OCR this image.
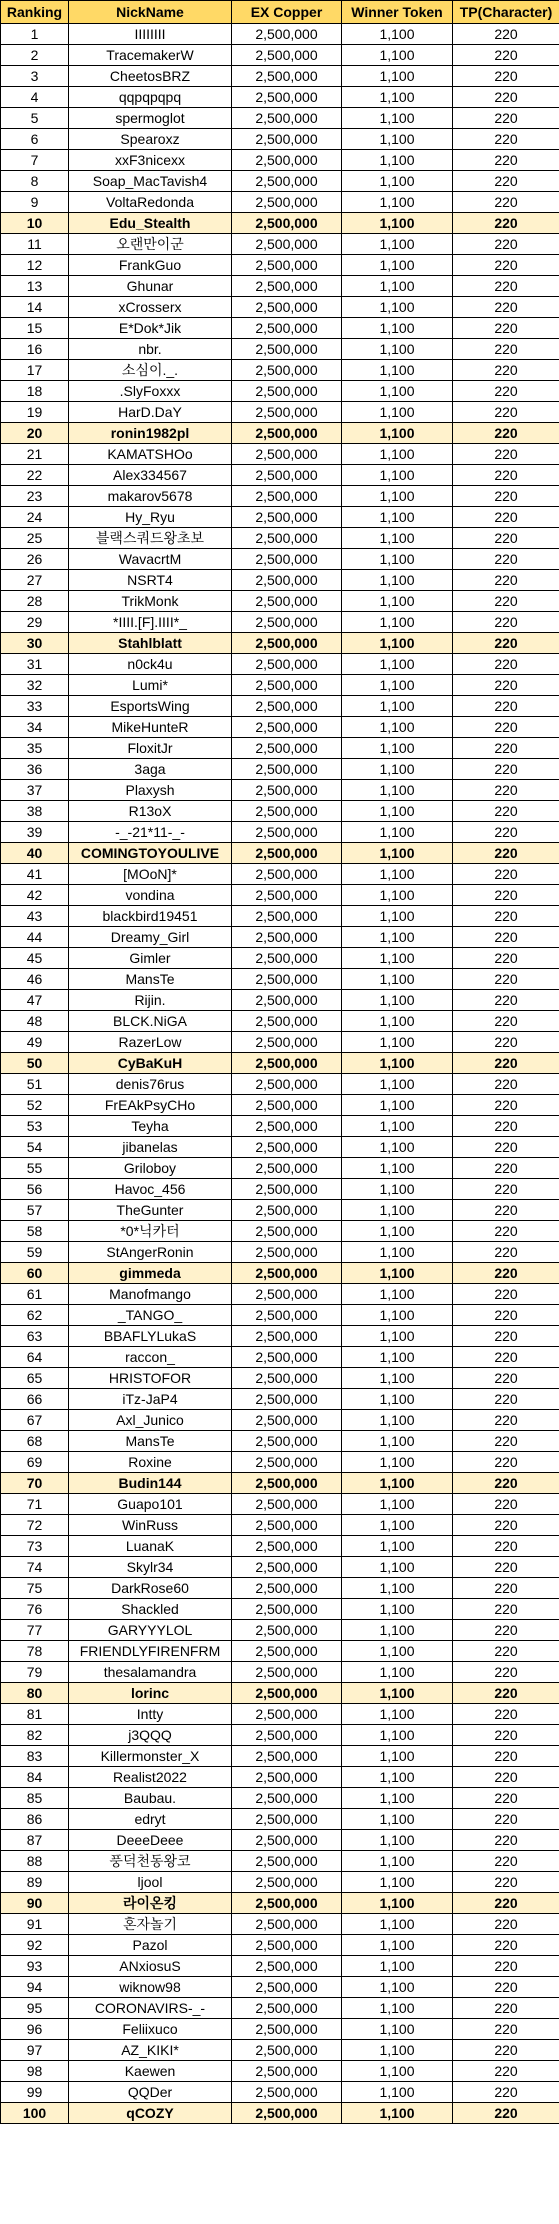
Ranking	NickName	EX Copper	Winner Token	TP(Character)
1	IIIIIIII	2,500,000	1,100	220
2	TracemakerW	2,500,000	1,100	220
3	CheetosBRZ	2,500,000	1,100	220
4	qqpqpqpq	2,500,000	1,100	220
5	spermoglot	2,500,000	1,100	220
6	Spearoxz	2,500,000	1,100	220
7	xxF3nicexx	2,500,000	1,100	220
8	Soap_MacTavish4	2,500,000	1,100	220
9	VoltaRedonda	2,500,000	1,100	220
10	Edu_Stealth	2,500,000	1,100	220
11	오랜만이군	2,500,000	1,100	220
12	FrankGuo	2,500,000	1,100	220
13	Ghunar	2,500,000	1,100	220
14	xCrosserx	2,500,000	1,100	220
15	E*Dok*Jik	2,500,000	1,100	220
16	nbr.	2,500,000	1,100	220
17	소심이._.	2,500,000	1,100	220
18	.SlyFoxxx	2,500,000	1,100	220
19	HarD.DaY	2,500,000	1,100	220
20	ronin1982pl	2,500,000	1,100	220
21	KAMATSHOo	2,500,000	1,100	220
22	Alex334567	2,500,000	1,100	220
23	makarov5678	2,500,000	1,100	220
24	Hy_Ryu	2,500,000	1,100	220
25	블랙스쿼드왕초보	2,500,000	1,100	220
26	WavacrtM	2,500,000	1,100	220
27	NSRT4	2,500,000	1,100	220
28	TrikMonk	2,500,000	1,100	220
29	*IIII.[F].IIII*_	2,500,000	1,100	220
30	Stahlblatt	2,500,000	1,100	220
31	n0ck4u	2,500,000	1,100	220
32	Lumi*	2,500,000	1,100	220
33	EsportsWing	2,500,000	1,100	220
34	MikeHunteR	2,500,000	1,100	220
35	FloxitJr	2,500,000	1,100	220
36	3aga	2,500,000	1,100	220
37	Plaxysh	2,500,000	1,100	220
38	R13oX	2,500,000	1,100	220
39	-_-21*11-_-	2,500,000	1,100	220
40	COMINGTOYOULIVE	2,500,000	1,100	220
41	[MOoN]*	2,500,000	1,100	220
42	vondina	2,500,000	1,100	220
43	blackbird19451	2,500,000	1,100	220
44	Dreamy_Girl	2,500,000	1,100	220
45	Gimler	2,500,000	1,100	220
46	MansTe	2,500,000	1,100	220
47	Rijin.	2,500,000	1,100	220
48	BLCK.NiGA	2,500,000	1,100	220
49	RazerLow	2,500,000	1,100	220
50	CyBaKuH	2,500,000	1,100	220
51	denis76rus	2,500,000	1,100	220
52	FrEAkPsyCHo	2,500,000	1,100	220
53	Teyha	2,500,000	1,100	220
54	jibanelas	2,500,000	1,100	220
55	Griloboy	2,500,000	1,100	220
56	Havoc_456	2,500,000	1,100	220
57	TheGunter	2,500,000	1,100	220
58	*0*닉카터	2,500,000	1,100	220
59	StAngerRonin	2,500,000	1,100	220
60	gimmeda	2,500,000	1,100	220
61	Manofmango	2,500,000	1,100	220
62	_TANGO_	2,500,000	1,100	220
63	BBAFLYLukaS	2,500,000	1,100	220
64	raccon_	2,500,000	1,100	220
65	HRISTOFOR	2,500,000	1,100	220
66	iTz-JaP4	2,500,000	1,100	220
67	Axl_Junico	2,500,000	1,100	220
68	MansTe	2,500,000	1,100	220
69	Roxine	2,500,000	1,100	220
70	Budin144	2,500,000	1,100	220
71	Guapo101	2,500,000	1,100	220
72	WinRuss	2,500,000	1,100	220
73	LuanaK	2,500,000	1,100	220
74	Skylr34	2,500,000	1,100	220
75	DarkRose60	2,500,000	1,100	220
76	Shackled	2,500,000	1,100	220
77	GARYYYLOL	2,500,000	1,100	220
78	FRIENDLYFIRENFRM	2,500,000	1,100	220
79	thesalamandra	2,500,000	1,100	220
80	lorinc	2,500,000	1,100	220
81	Intty	2,500,000	1,100	220
82	j3QQQ	2,500,000	1,100	220
83	Killermonster_X	2,500,000	1,100	220
84	Realist2022	2,500,000	1,100	220
85	Baubau.	2,500,000	1,100	220
86	edryt	2,500,000	1,100	220
87	DeeeDeee	2,500,000	1,100	220
88	풍덕천동왕코	2,500,000	1,100	220
89	ljool	2,500,000	1,100	220
90	라이온킹	2,500,000	1,100	220
91	혼자놀기	2,500,000	1,100	220
92	Pazol	2,500,000	1,100	220
93	ANxiosuS	2,500,000	1,100	220
94	wiknow98	2,500,000	1,100	220
95	CORONAVIRS-_-	2,500,000	1,100	220
96	Feliixuco	2,500,000	1,100	220
97	AZ_KIKI*	2,500,000	1,100	220
98	Kaewen	2,500,000	1,100	220
99	QQDer	2,500,000	1,100	220
100	qCOZY	2,500,000	1,100	220
